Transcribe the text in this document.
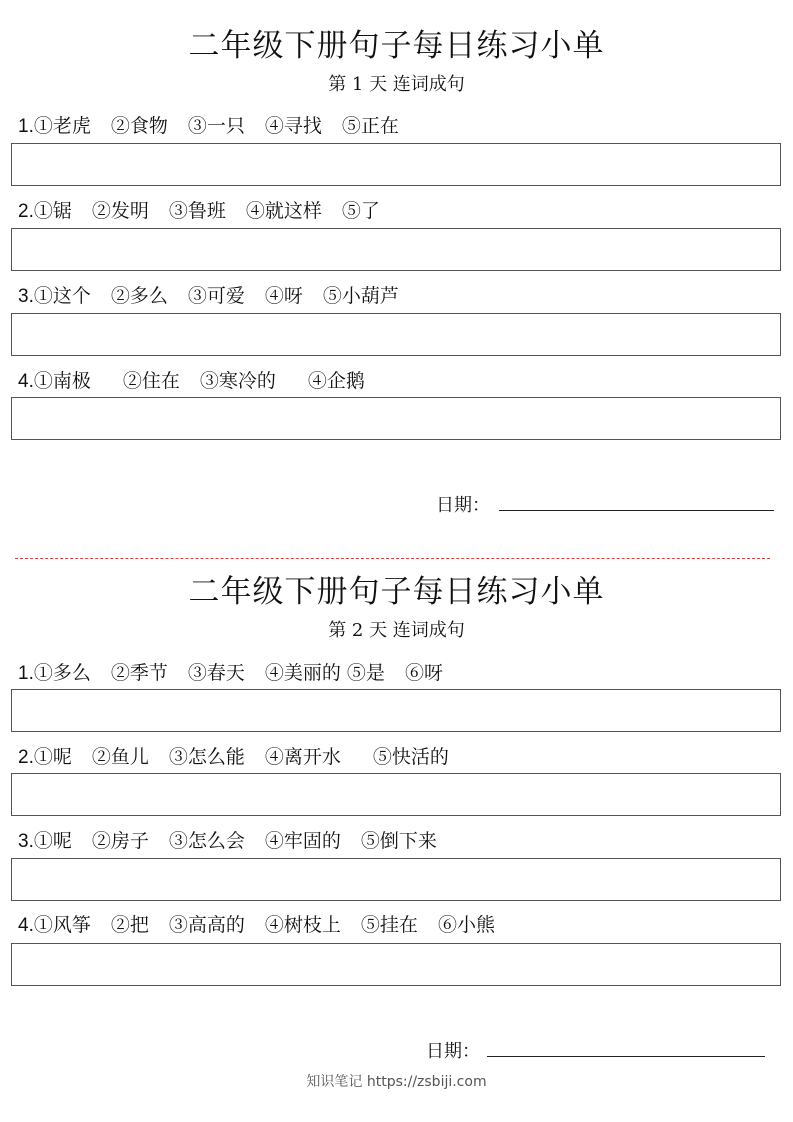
二年级下册句子每日练习小单
第 1 天 连词成句
1.①老虎 ②食物 ③一只 ④寻找 ⑤正在
2.①锯 ②发明 ③鲁班 ④就这样 ⑤了
3.①这个 ②多么 ③可爱 ④呀 ⑤小葫芦
4.①南极 ②住在 ③寒冷的 ④企鹅
日期：
二年级下册句子每日练习小单
第 2 天 连词成句
1.①多么 ②季节 ③春天 ④美丽的 ⑤是 ⑥呀
2.①呢 ②鱼儿 ③怎么能 ④离开水 ⑤快活的
3.①呢 ②房子 ③怎么会 ④牢固的 ⑤倒下来
4.①风筝 ②把 ③高高的 ④树枝上 ⑤挂在 ⑥小熊
日期：
知识笔记 https://zsbiji.com
